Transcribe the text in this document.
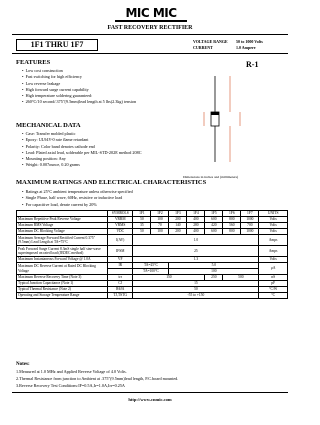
MIC MIC
FAST RECOVERY RECTIFIER
1F1 THRU 1F7	VOLTAGE RANGE 50 to 1000 Volts
CURRENT	1.0 Ampere
FEATURES
•  Low cost construction
•  Fast switching for high efficiency
•  Low reverse leakage
•  High forward surge current capability
•  High temperature soldering guaranteed:
•  260°C/10 second/.375"(9.5mm)lead length at 5 lbs(2.3kg) tension
R-1
Dimensions in inches and (millimeters)
MECHANICAL DATA
•  Case: Transfer molded plastic
•  Epoxy: UL94V-0 rate flame retardant
•  Polarity: Color band denotes cathode end
•  Lead: Plated axial lead, solderable per MIL-STD-202E method 208C
•  Mounting position: Any
•  Weight: 0.007ounce, 0.20 grams
MAXIMUM RATINGS AND ELECTRICAL CHARACTERISTICS
•  Ratings at 25°C ambient temperature unless otherwise specified
•  Single Phase, half wave, 60Hz, resistive or inductive load
•  For capacitive load, derate current by 20%
	SYMBOLS	1F1	1F2	1F3	1F4	1F5	1F6	1F7	UNITS
Maximum Repetitive Peak Reverse Voltage	VRRM	50	100	200	400	600	800	1000	Volts
Maximum RMS Voltage	VRMS	35	70	140	280	420	560	700	Volts
Maximum DC Blocking Voltage	VDC	50	100	200	400	600	800	1000	Volts
Maximum Average Forward Rectified Current 0.375"(9.5mm) Lead Length at TA=75°C	I(AV)	1.0							Amps
Peak Forward Surge Current 8.3mS single half sine-wave superimposed on rated load (JEDEC method)	IFSM	25							Amps
Maximum Instantaneous Forward Voltage @ 1.0A	VF	1.3							Volts
Maximum DC Reverse Current at Rated DC Blocking Voltage	IR	TA=25°C		5.0					μA
		TA=100°C		100					
Maximum Reverse Recovery Time (Note 3)	trr	150				250	500		nS
Typical Junction Capacitance (Note 1)	CJ	15							pF
Typical Thermal Resistance (Note 2)	RθJA	50							°C/W
Operating and Storage Temperature Range	TJ,TSTG	-55 to +150							°C
Notes:
1.Measured at 1.0 MHz and Applied Reverse Voltage of 4.0 Volts.
2.Thermal Resistance from junction to Ambient at .375"(9.5mm)lead length, P.C.board mounted.
3.Reverse Recovery Test Conditions:IF=0.5A,Ir=1.0A,Irr=0.25A
http://www.cnmic.com
